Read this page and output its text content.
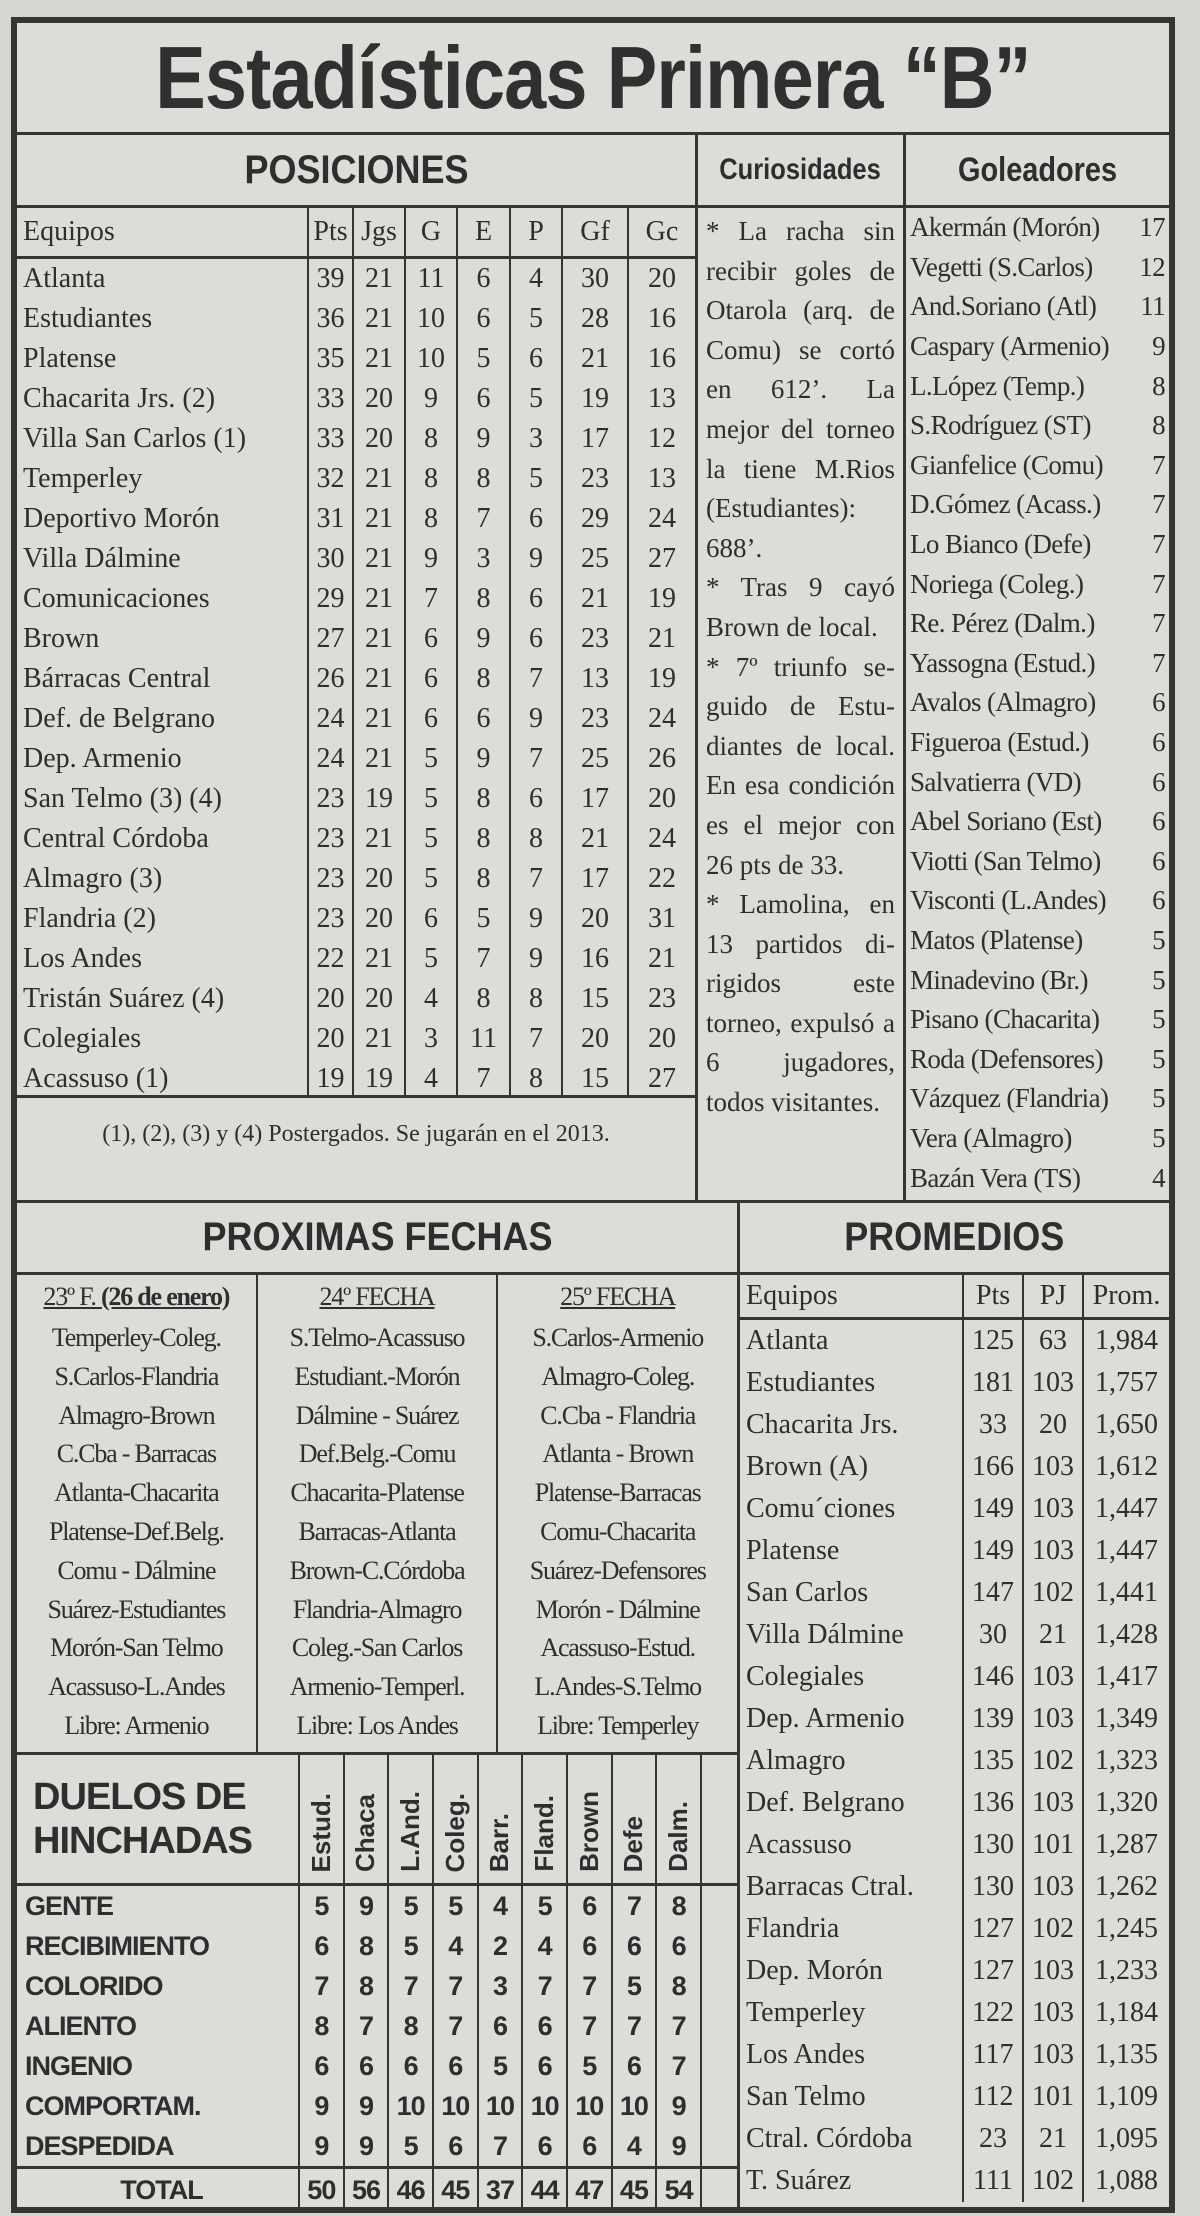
Estadísticas Primera “B”
POSICIONES
Equipos	Pts	Jgs	G	E	P	Gf	Gc
Atlanta	39	21	11	6	4	30	20
Estudiantes	36	21	10	6	5	28	16
Platense	35	21	10	5	6	21	16
Chacarita Jrs. (2)	33	20	9	6	5	19	13
Villa San Carlos (1)	33	20	8	9	3	17	12
Temperley	32	21	8	8	5	23	13
Deportivo Morón	31	21	8	7	6	29	24
Villa Dálmine	30	21	9	3	9	25	27
Comunicaciones	29	21	7	8	6	21	19
Brown	27	21	6	9	6	23	21
Bárracas Central	26	21	6	8	7	13	19
Def. de Belgrano	24	21	6	6	9	23	24
Dep. Armenio	24	21	5	9	7	25	26
San Telmo (3) (4)	23	19	5	8	6	17	20
Central Córdoba	23	21	5	8	8	21	24
Almagro (3)	23	20	5	8	7	17	22
Flandria (2)	23	20	6	5	9	20	31
Los Andes	22	21	5	7	9	16	21
Tristán Suárez (4)	20	20	4	8	8	15	23
Colegiales	20	21	3	11	7	20	20
Acassuso (1)	19	19	4	7	8	15	27
(1), (2), (3) y (4) Postergados. Se jugarán en el 2013.
Curiosidades

* La racha sin recibir goles de Otarola (arq. de Comu) se cortó en 612’. La mejor del torneo la tiene M.Rios (Estudiantes): 688’.

* Tras 9 cayó Brown de local.

* 7º triunfo seguido de Estudiantes de local. En esa condición es el mejor con 26 pts de 33.

* Lamolina, en 13 partidos dirigidos este torneo, expulsó a 6 jugadores, todos visitantes.

Goleadores
Akermán (Morón)	17
Vegetti (S.Carlos)	12
And.Soriano (Atl)	11
Caspary (Armenio)	9
L.López (Temp.)	8
S.Rodríguez (ST)	8
Gianfelice (Comu)	7
D.Gómez (Acass.)	7
Lo Bianco (Defe)	7
Noriega (Coleg.)	7
Re. Pérez (Dalm.)	7
Yassogna (Estud.)	7
Avalos (Almagro)	6
Figueroa (Estud.)	6
Salvatierra (VD)	6
Abel Soriano (Est)	6
Viotti (San Telmo)	6
Visconti (L.Andes)	6
Matos (Platense)	5
Minadevino (Br.)	5
Pisano (Chacarita)	5
Roda (Defensores)	5
Vázquez (Flandria)	5
Vera (Almagro)	5
Bazán Vera (TS)	4

PROXIMAS FECHAS
23º F. (26 de enero)
Temperley-Coleg.
S.Carlos-Flandria
Almagro-Brown
C.Cba - Barracas
Atlanta-Chacarita
Platense-Def.Belg.
Comu - Dálmine
Suárez-Estudiantes
Morón-San Telmo
Acassuso-L.Andes
Libre: Armenio
24º FECHA
S.Telmo-Acassuso
Estudiant.-Morón
Dálmine - Suárez
Def.Belg.-Comu
Chacarita-Platense
Barracas-Atlanta
Brown-C.Córdoba
Flandria-Almagro
Coleg.-San Carlos
Armenio-Temperl.
Libre: Los Andes
25º FECHA
S.Carlos-Armenio
Almagro-Coleg.
C.Cba - Flandria
Atlanta - Brown
Platense-Barracas
Comu-Chacarita
Suárez-Defensores
Morón - Dálmine
Acassuso-Estud.
L.Andes-S.Telmo
Libre: Temperley
DUELOS DE
HINCHADAS	Estud.	Chaca	L.And.	Coleg.	Barr.	Fland.	Brown	Defe	Dalm.	
GENTE	5	9	5	5	4	5	6	7	8	
RECIBIMIENTO	6	8	5	4	2	4	6	6	6	
COLORIDO	7	8	7	7	3	7	7	5	8	
ALIENTO	8	7	8	7	6	6	7	7	7	
INGENIO	6	6	6	6	5	6	5	6	7	
COMPORTAM.	9	9	10	10	10	10	10	10	9	
DESPEDIDA	9	9	5	6	7	6	6	4	9	
TOTAL	50	56	46	45	37	44	47	45	54	
PROMEDIOS
Equipos	Pts	PJ	Prom.
Atlanta	125	63	1,984
Estudiantes	181	103	1,757
Chacarita Jrs.	33	20	1,650
Brown (A)	166	103	1,612
Comu´ciones	149	103	1,447
Platense	149	103	1,447
San Carlos	147	102	1,441
Villa Dálmine	30	21	1,428
Colegiales	146	103	1,417
Dep. Armenio	139	103	1,349
Almagro	135	102	1,323
Def. Belgrano	136	103	1,320
Acassuso	130	101	1,287
Barracas Ctral.	130	103	1,262
Flandria	127	102	1,245
Dep. Morón	127	103	1,233
Temperley	122	103	1,184
Los Andes	117	103	1,135
San Telmo	112	101	1,109
Ctral. Córdoba	23	21	1,095
T. Suárez	111	102	1,088
